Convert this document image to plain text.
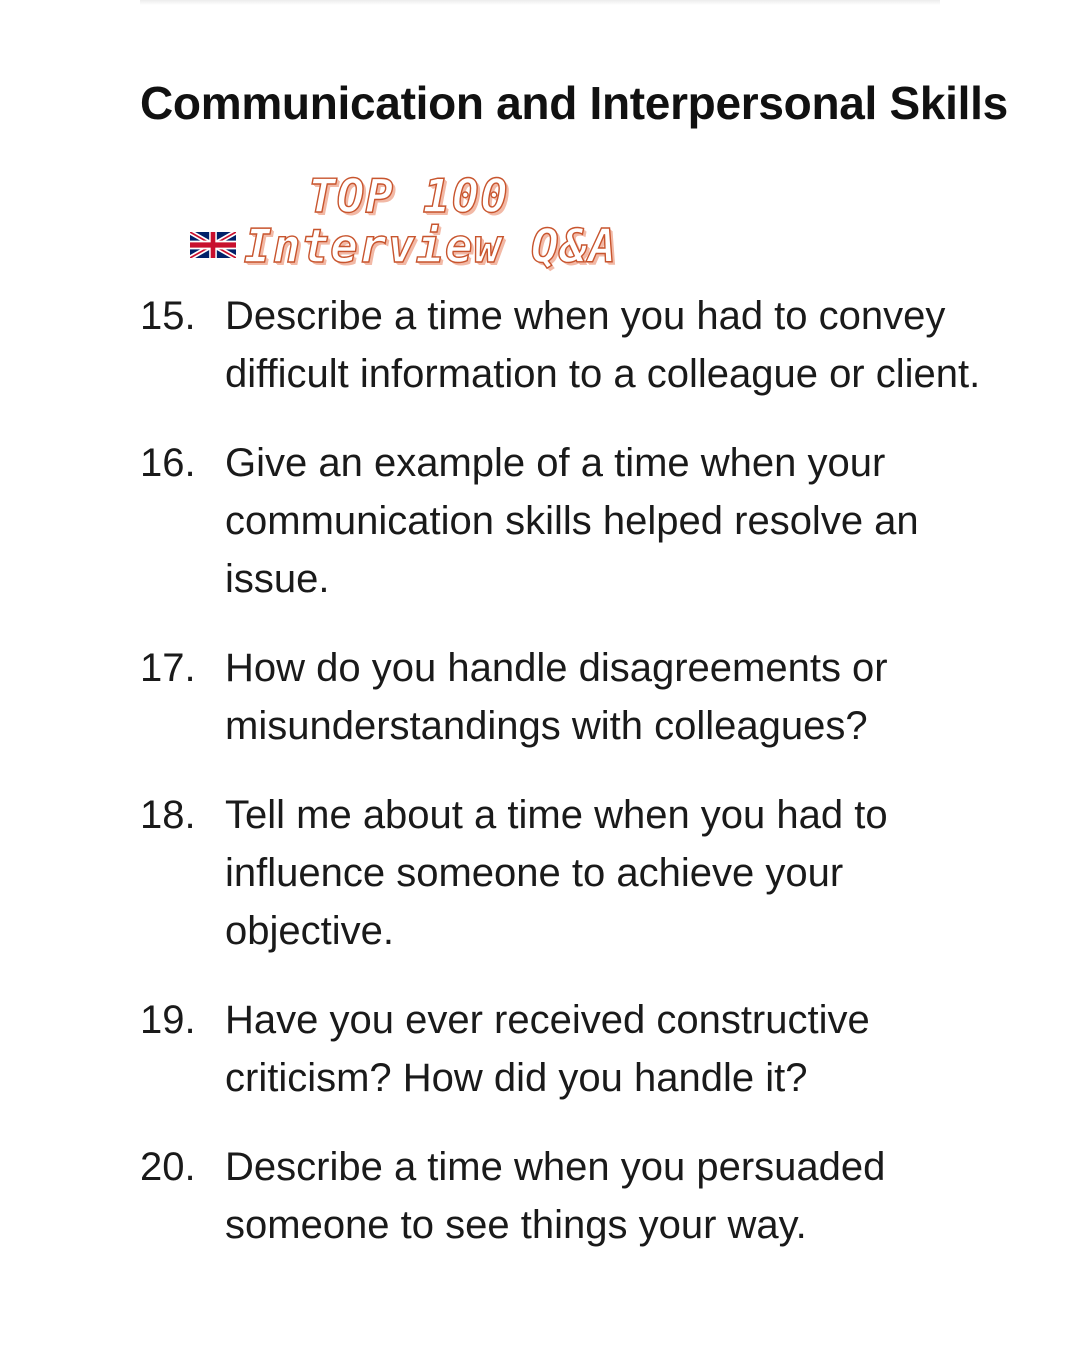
Communication and Interpersonal Skills
TOP 100
Interview Q&A
15. Describe a time when you had to convey difficult information to a colleague or client.
16. Give an example of a time when your communication skills helped resolve an issue.
17. How do you handle disagreements or misunderstandings with colleagues?
18. Tell me about a time when you had to influence someone to achieve your objective.
19. Have you ever received constructive criticism? How did you handle it?
20. Describe a time when you persuaded someone to see things your way.
